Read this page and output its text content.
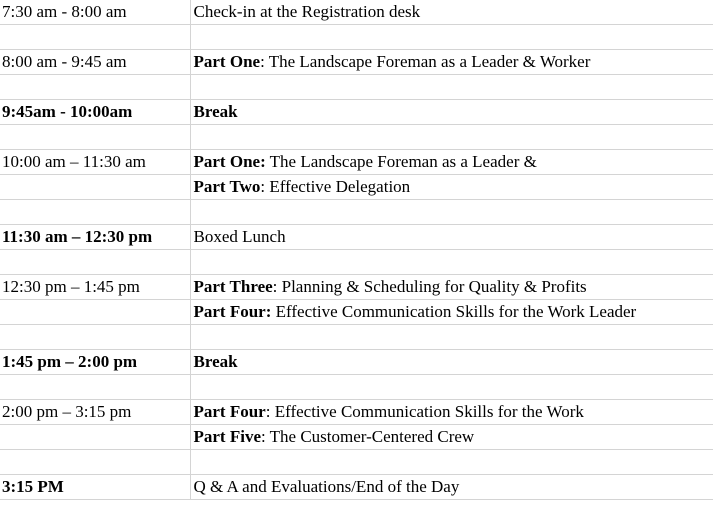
7:30 am - 8:00 am	Check-in at the Registration desk

8:00 am - 9:45 am	Part One: The Landscape Foreman as a Leader & Worker

9:45am - 10:00am	Break

10:00 am – 11:30 am	Part One: The Landscape Foreman as a Leader &
	Part Two: Effective Delegation

11:30 am – 12:30 pm	Boxed Lunch

12:30 pm – 1:45 pm	Part Three: Planning & Scheduling for Quality & Profits
	Part Four: Effective Communication Skills for the Work Leader

1:45 pm – 2:00 pm	Break

2:00 pm – 3:15 pm	Part Four: Effective Communication Skills for the Work
	Part Five: The Customer-Centered Crew

3:15 PM	Q & A and Evaluations/End of the Day
